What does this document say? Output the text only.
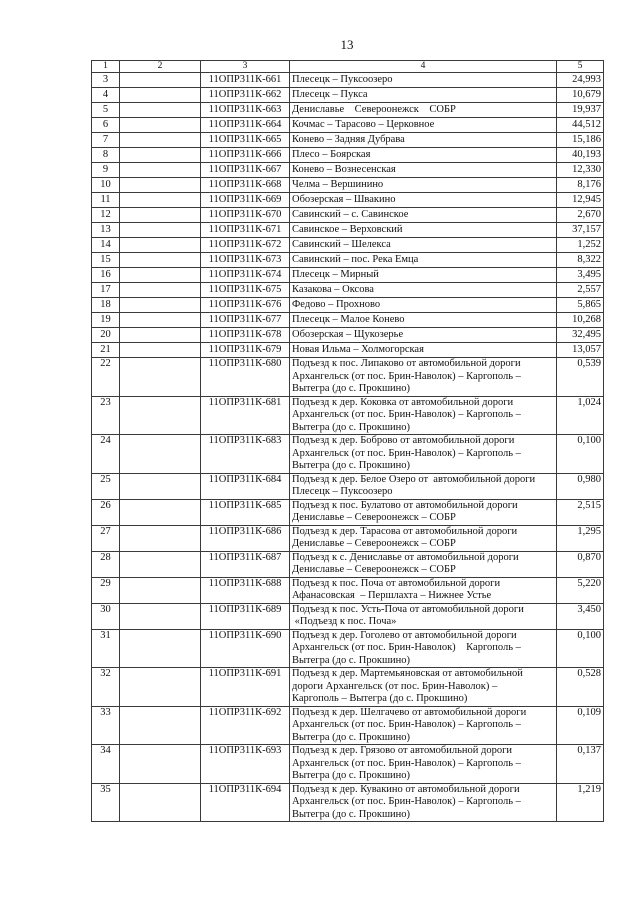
13
1	2	3	4	5
3		11ОПР311К-661	Плесецк – Пуксоозеро	24,993
4		11ОПР311К-662	Плесецк – Пукса	10,679
5		11ОПР311К-663	Дениславье    Североонежск    СОБР	19,937
6		11ОПР311К-664	Кочмас – Тарасово – Церковное	44,512
7		11ОПР311К-665	Конево – Задняя Дубрава	15,186
8		11ОПР311К-666	Плесо – Боярская	40,193
9		11ОПР311К-667	Конево – Вознесенская	12,330
10		11ОПР311К-668	Челма – Вершинино	8,176
11		11ОПР311К-669	Обозерская – Швакино	12,945
12		11ОПР311К-670	Савинский – с. Савинское	2,670
13		11ОПР311К-671	Савинское – Верховский	37,157
14		11ОПР311К-672	Савинский – Шелекса	1,252
15		11ОПР311К-673	Савинский – пос. Река Емца	8,322
16		11ОПР311К-674	Плесецк – Мирный	3,495
17		11ОПР311К-675	Казакова – Оксова	2,557
18		11ОПР311К-676	Федово – Прохново	5,865
19		11ОПР311К-677	Плесецк – Малое Конево	10,268
20		11ОПР311К-678	Обозерская – Щукозерье	32,495
21		11ОПР311К-679	Новая Ильма – Холмогорская	13,057
22		11ОПР311К-680	Подъезд к пос. Липаково от автомобильной дороги
Архангельск (от пос. Брин-Наволок) – Каргополь –
Вытегра (до с. Прокшино)	0,539
23		11ОПР311К-681	Подъезд к дер. Коковка от автомобильной дороги
Архангельск (от пос. Брин-Наволок) – Каргополь –
Вытегра (до с. Прокшино)	1,024
24		11ОПР311К-683	Подъезд к дер. Боброво от автомобильной дороги
Архангельск (от пос. Брин-Наволок) – Каргополь –
Вытегра (до с. Прокшино)	0,100
25		11ОПР311К-684	Подъезд к дер. Белое Озеро от  автомобильной дороги
Плесецк – Пуксоозеро	0,980
26		11ОПР311К-685	Подъезд к пос. Булатово от автомобильной дороги
Дениславье – Североонежск – СОБР	2,515
27		11ОПР311К-686	Подъезд к дер. Тарасова от автомобильной дороги
Дениславье – Североонежск – СОБР	1,295
28		11ОПР311К-687	Подъезд к с. Дениславье от автомобильной дороги
Дениславье – Североонежск – СОБР	0,870
29		11ОПР311К-688	Подъезд к пос. Поча от автомобильной дороги
Афанасовская  – Першлахта – Нижнее Устье	5,220
30		11ОПР311К-689	Подъезд к пос. Усть-Поча от автомобильной дороги
«Подъезд к пос. Поча»	3,450
31		11ОПР311К-690	Подъезд к дер. Гоголево от автомобильной дороги
Архангельск (от пос. Брин-Наволок)    Каргополь –
Вытегра (до с. Прокшино)	0,100
32		11ОПР311К-691	Подъезд к дер. Мартемьяновская от автомобильной
дороги Архангельск (от пос. Брин-Наволок) –
Каргополь – Вытегра (до с. Прокшино)	0,528
33		11ОПР311К-692	Подъезд к дер. Шелгачево от автомобильной дороги
Архангельск (от пос. Брин-Наволок) – Каргополь –
Вытегра (до с. Прокшино)	0,109
34		11ОПР311К-693	Подъезд к дер. Грязово от автомобильной дороги
Архангельск (от пос. Брин-Наволок) – Каргополь –
Вытегра (до с. Прокшино)	0,137
35		11ОПР311К-694	Подъезд к дер. Кувакино от автомобильной дороги
Архангельск (от пос. Брин-Наволок) – Каргополь –
Вытегра (до с. Прокшино)	1,219
